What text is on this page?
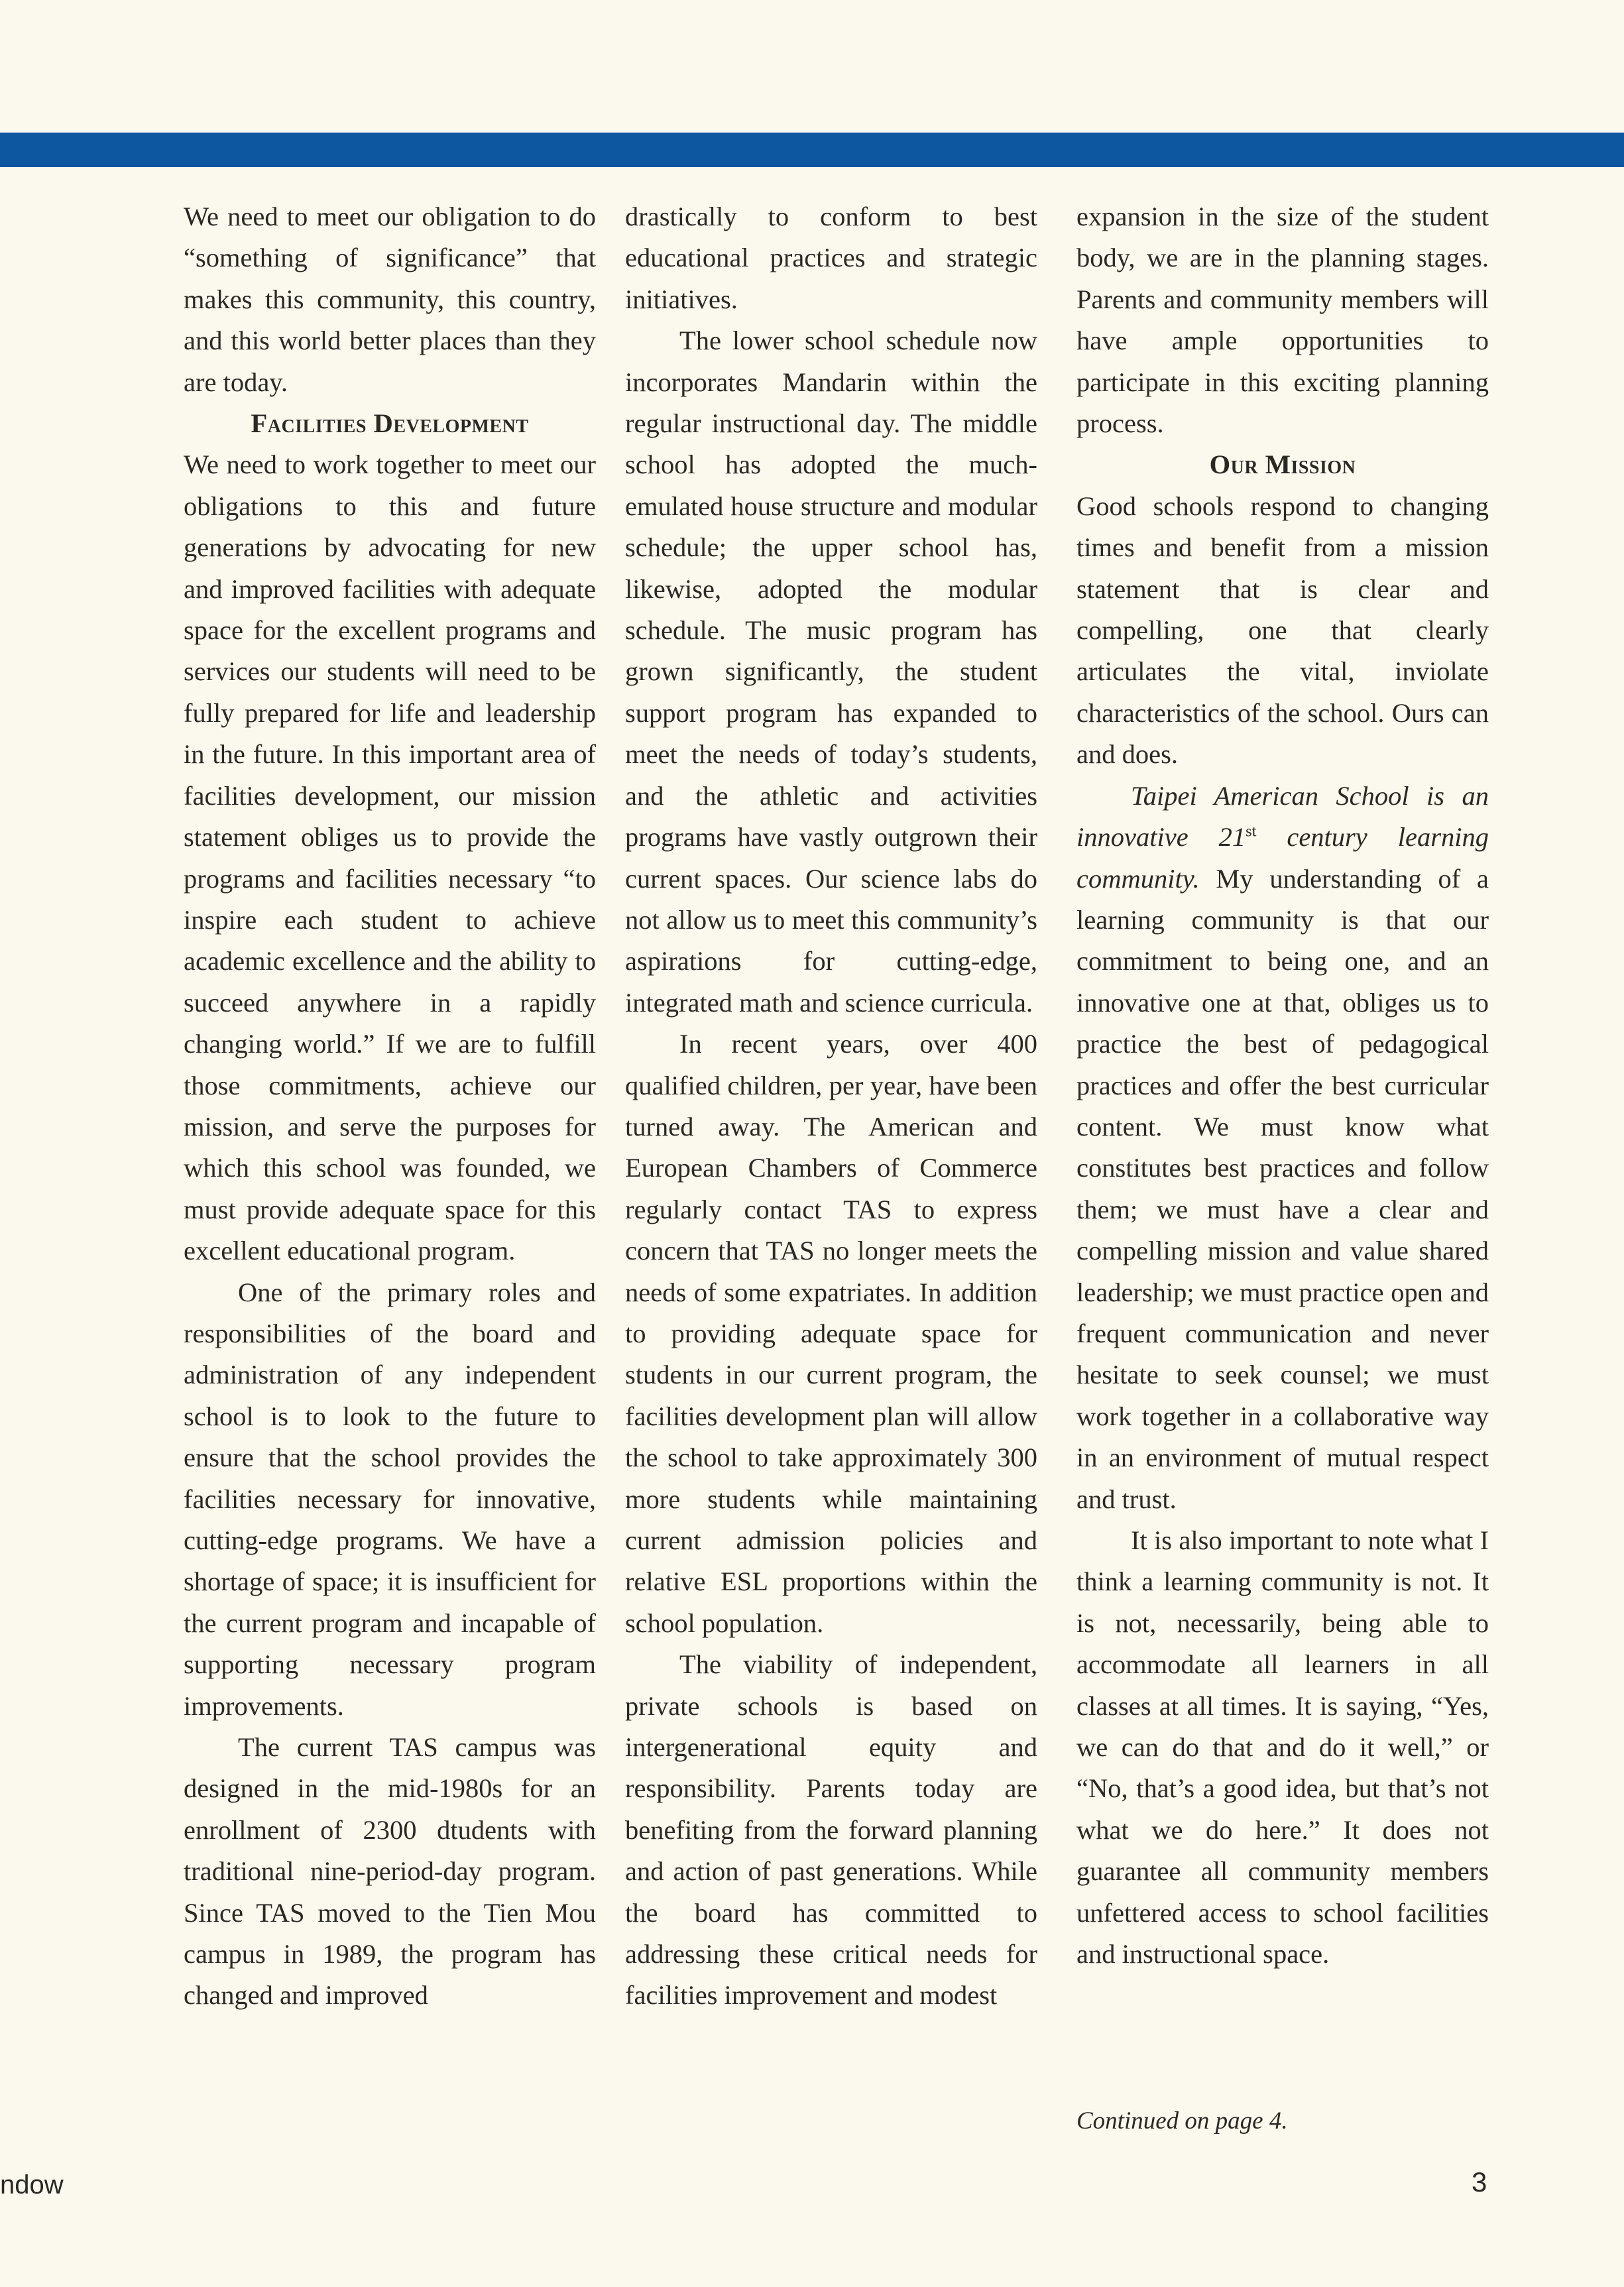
We need to meet our obligation to do “something of significance” that makes this community, this country, and this world better places than they are today.

Facilities Development

We need to work together to meet our obligations to this and future generations by advocating for new and improved facilities with adequate space for the excellent programs and services our students will need to be fully prepared for life and leadership in the future. In this important area of facilities development, our mission statement obliges us to provide the programs and facilities necessary “to inspire each student to achieve academic excellence and the ability to succeed anywhere in a rapidly changing world.” If we are to fulfill those commitments, achieve our mission, and serve the purposes for which this school was founded, we must provide adequate space for this excellent educational program.

One of the primary roles and responsibilities of the board and administration of any independent school is to look to the future to ensure that the school provides the facilities necessary for innovative, cutting-edge programs. We have a shortage of space; it is insufficient for the current program and incapable of supporting necessary program improvements.

The current TAS campus was designed in the mid-1980s for an enrollment of 2300 dtudents with traditional nine-period-day program. Since TAS moved to the Tien Mou campus in 1989, the program has changed and improved

drastically to conform to best educational practices and strategic initiatives.

The lower school schedule now incorporates Mandarin within the regular instructional day. The middle school has adopted the much-emulated house structure and modular schedule; the upper school has, likewise, adopted the modular schedule. The music program has grown significantly, the student support program has expanded to meet the needs of today’s students, and the athletic and activities programs have vastly outgrown their current spaces. Our science labs do not allow us to meet this community’s aspirations for cutting-edge, integrated math and science curricula.

In recent years, over 400 qualified children, per year, have been turned away. The American and European Chambers of Commerce regularly contact TAS to express concern that TAS no longer meets the needs of some expatriates. In addition to providing adequate space for students in our current program, the facilities development plan will allow the school to take approximately 300 more students while maintaining current admission policies and relative ESL proportions within the school population.

The viability of independent, private schools is based on intergenerational equity and responsibility. Parents today are benefiting from the forward planning and action of past generations. While the board has committed to addressing these critical needs for facilities improvement and modest

expansion in the size of the student body, we are in the planning stages. Parents and community members will have ample opportunities to participate in this exciting planning process.

Our Mission

Good schools respond to changing times and benefit from a mission statement that is clear and compelling, one that clearly articulates the vital, inviolate characteristics of the school. Ours can and does.

Taipei American School is an innovative 21st century learning community. My understanding of a learning community is that our commitment to being one, and an innovative one at that, obliges us to practice the best of pedagogical practices and offer the best curricular content. We must know what constitutes best practices and follow them; we must have a clear and compelling mission and value shared leadership; we must practice open and frequent communication and never hesitate to seek counsel; we must work together in a collaborative way in an environment of mutual respect and trust.

It is also important to note what I think a learning community is not. It is not, necessarily, being able to accommodate all learners in all classes at all times. It is saying, “Yes, we can do that and do it well,” or “No, that’s a good idea, but that’s not what we do here.” It does not guarantee all community members unfettered access to school facilities and instructional space.

Continued on page 4.
ndow	3
